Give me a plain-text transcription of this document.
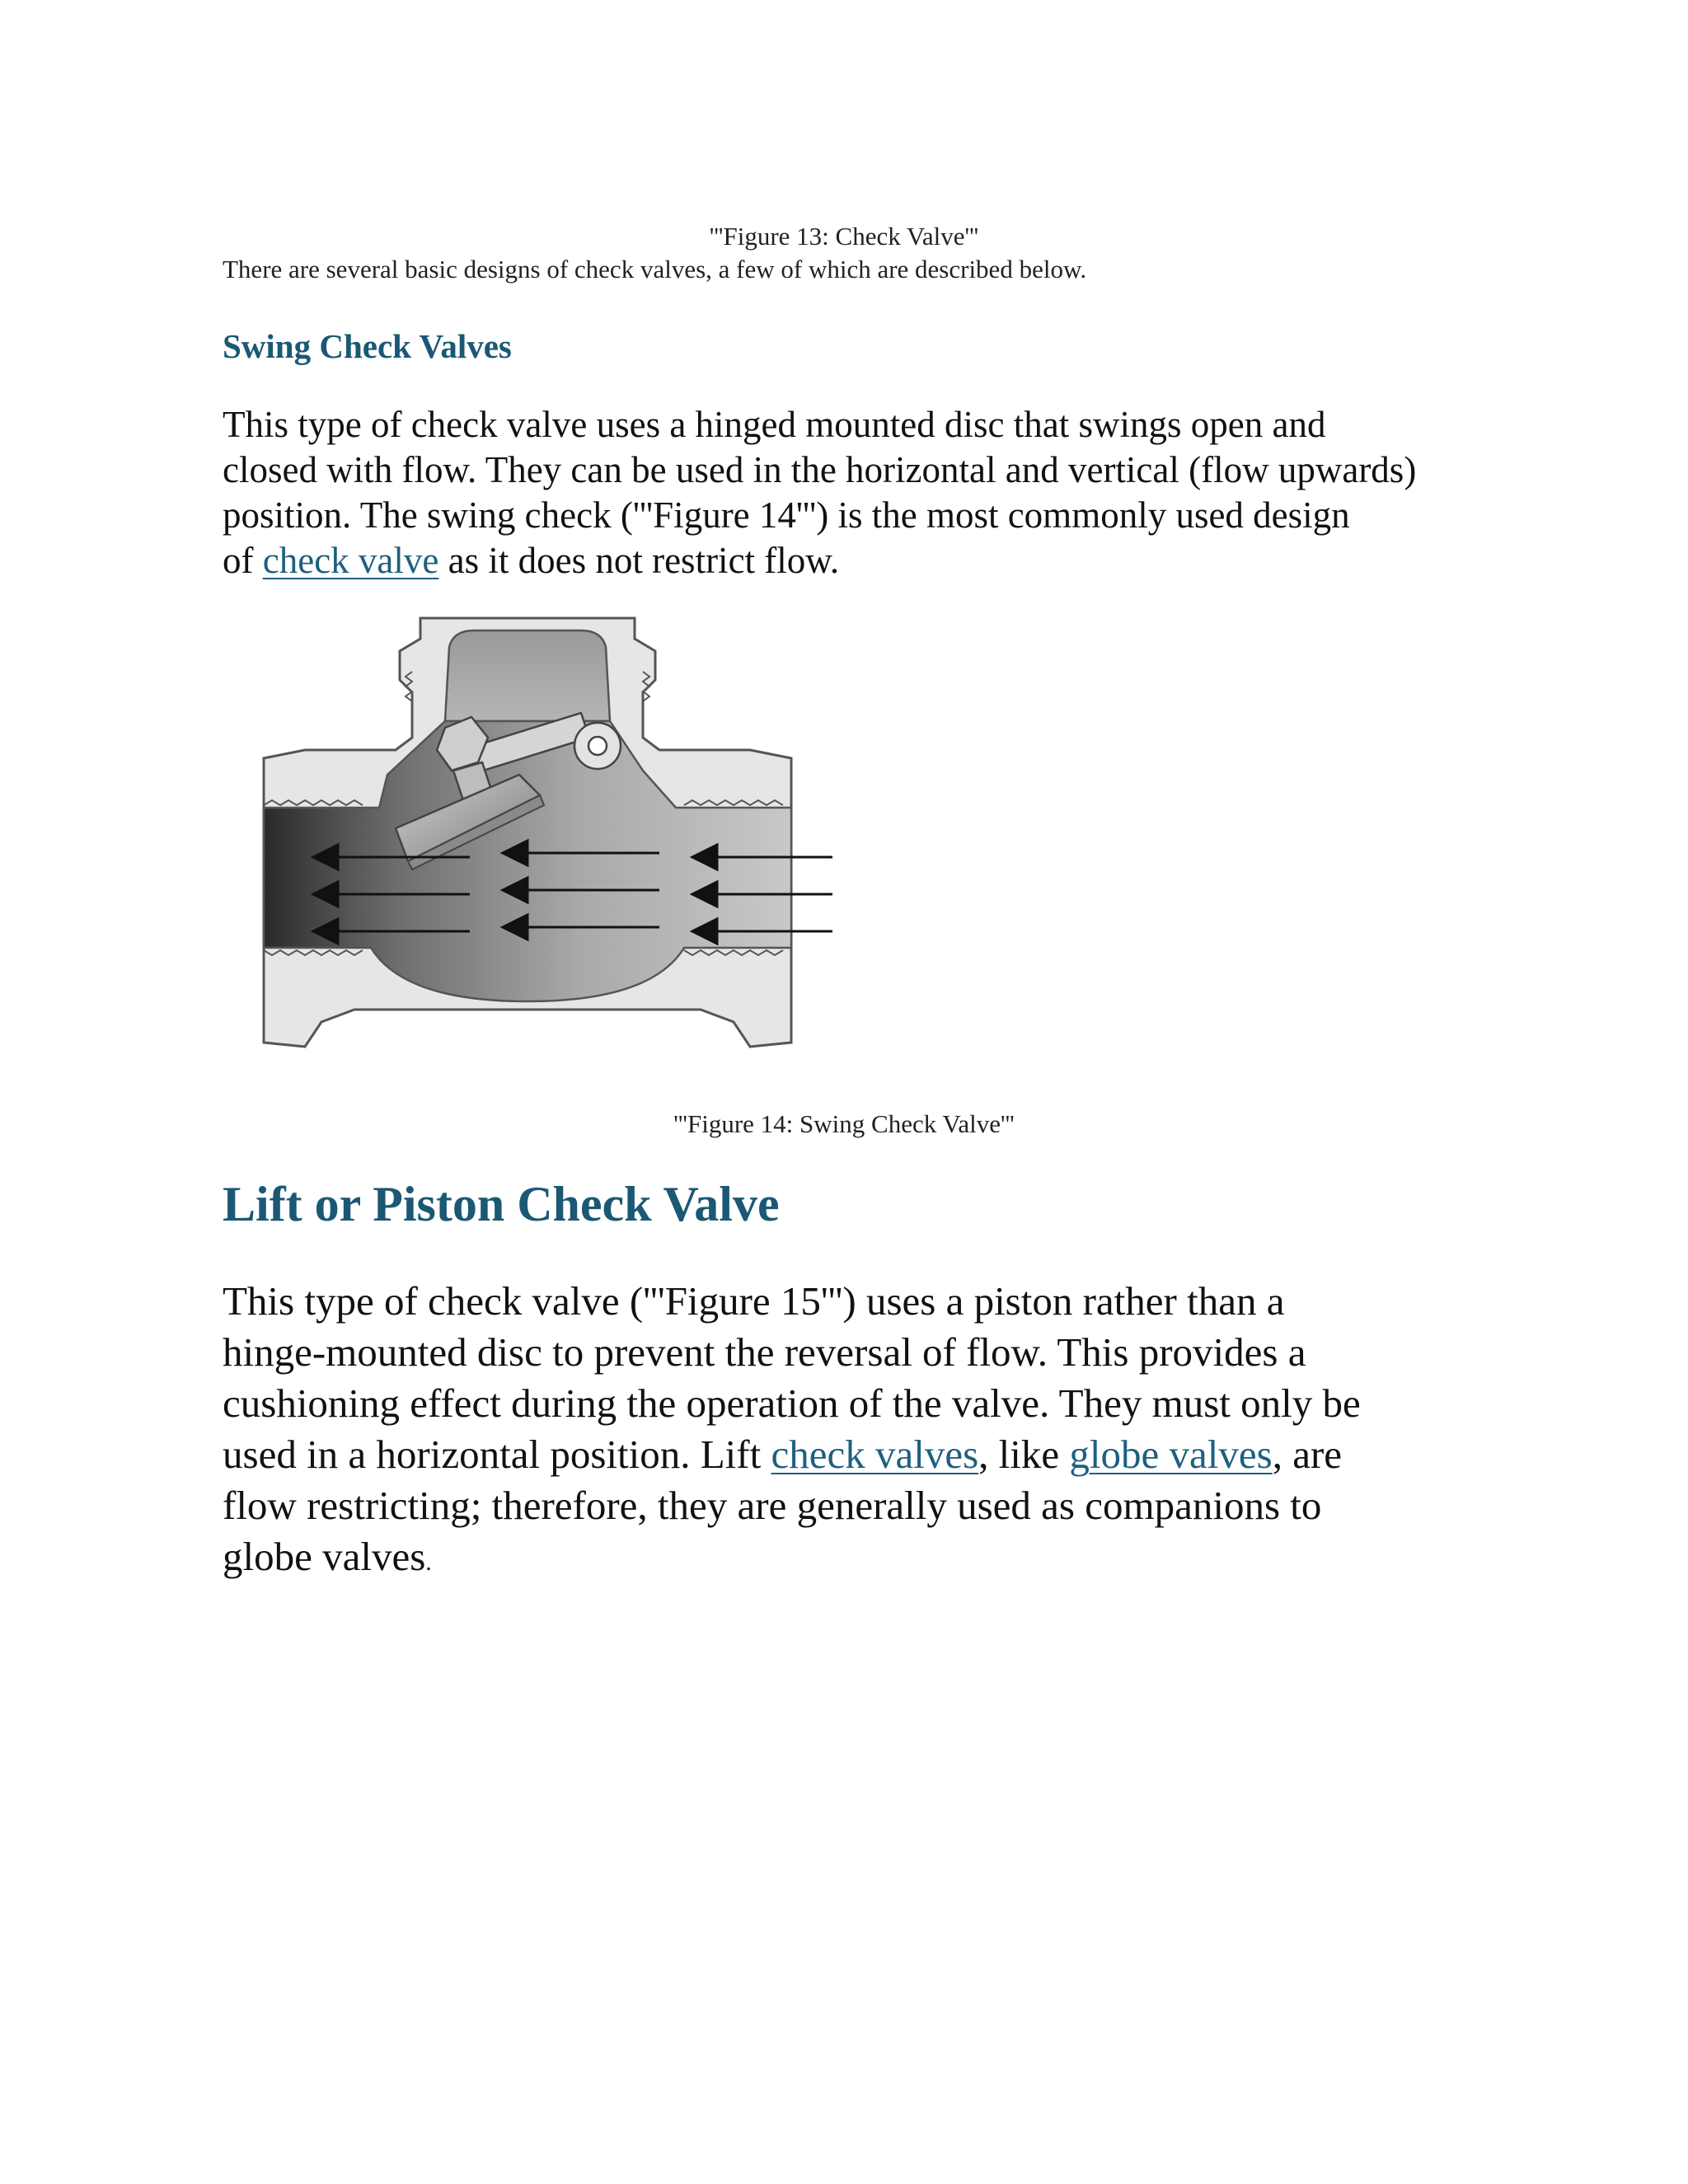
'''Figure 13: Check Valve'''
There are several basic designs of check valves, a few of which are described below.
Swing Check Valves
This type of check valve uses a hinged mounted disc that swings open and
closed with flow. They can be used in the horizontal and vertical (flow upwards)
position. The swing check ('''Figure 14''') is the most commonly used design
of check valve as it does not restrict flow.
'''Figure 14: Swing Check Valve'''
Lift or Piston Check Valve
This type of check valve ('''Figure 15''') uses a piston rather than a
hinge-mounted disc to prevent the reversal of flow. This provides a
cushioning effect during the operation of the valve. They must only be
used in a horizontal position. Lift check valves, like globe valves, are
flow restricting; therefore, they are generally used as companions to
globe valves.
